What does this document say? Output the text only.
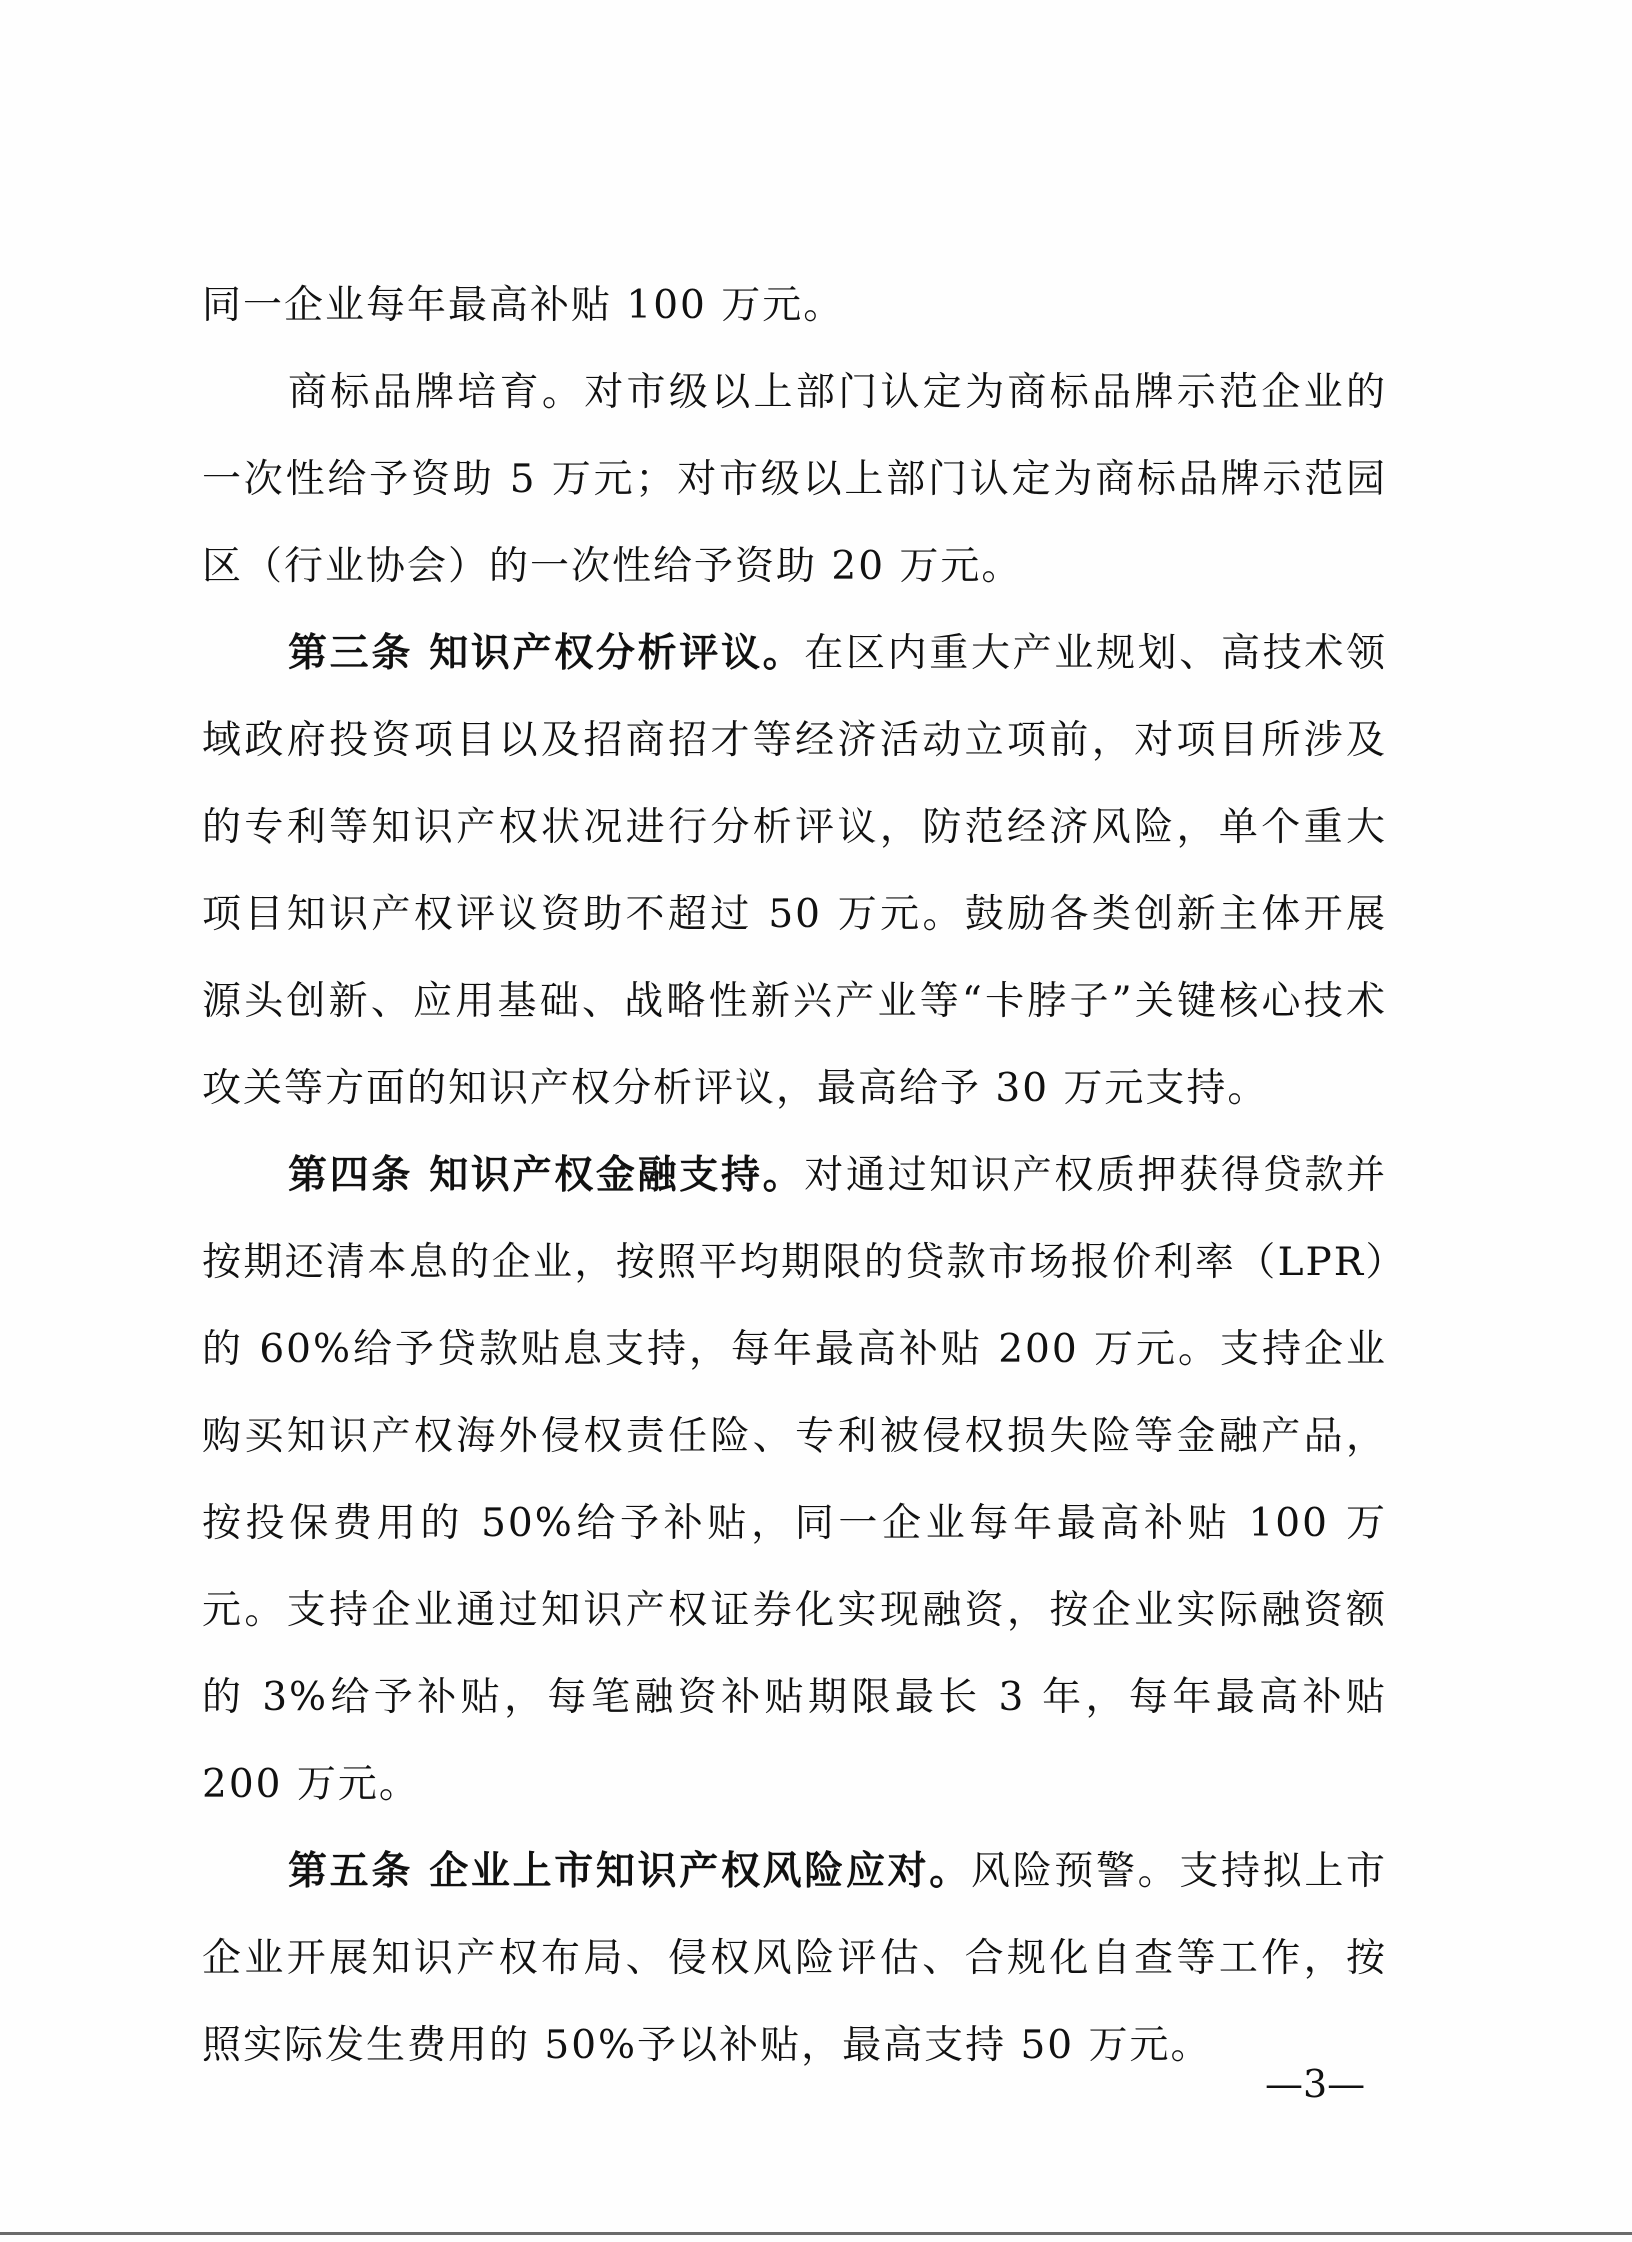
同一企业每年最高补贴 100 万元。

商标品牌培育。对市级以上部门认定为商标品牌示范企业的一次性给予资助 5 万元；对市级以上部门认定为商标品牌示范园区（行业协会）的一次性给予资助 20 万元。

第三条 知识产权分析评议。在区内重大产业规划、高技术领域政府投资项目以及招商招才等经济活动立项前，对项目所涉及的专利等知识产权状况进行分析评议，防范经济风险，单个重大项目知识产权评议资助不超过 50 万元。鼓励各类创新主体开展源头创新、应用基础、战略性新兴产业等“卡脖子”关键核心技术攻关等方面的知识产权分析评议，最高给予 30 万元支持。

第四条 知识产权金融支持。对通过知识产权质押获得贷款并按期还清本息的企业，按照平均期限的贷款市场报价利率（LPR）的 60%给予贷款贴息支持，每年最高补贴 200 万元。支持企业购买知识产权海外侵权责任险、专利被侵权损失险等金融产品，按投保费用的 50%给予补贴，同一企业每年最高补贴 100 万元。支持企业通过知识产权证券化实现融资，按企业实际融资额的 3%给予补贴，每笔融资补贴期限最长 3 年，每年最高补贴 200 万元。

第五条 企业上市知识产权风险应对。风险预警。支持拟上市企业开展知识产权布局、侵权风险评估、合规化自查等工作，按照实际发生费用的 50%予以补贴，最高支持 50 万元。

—3—
